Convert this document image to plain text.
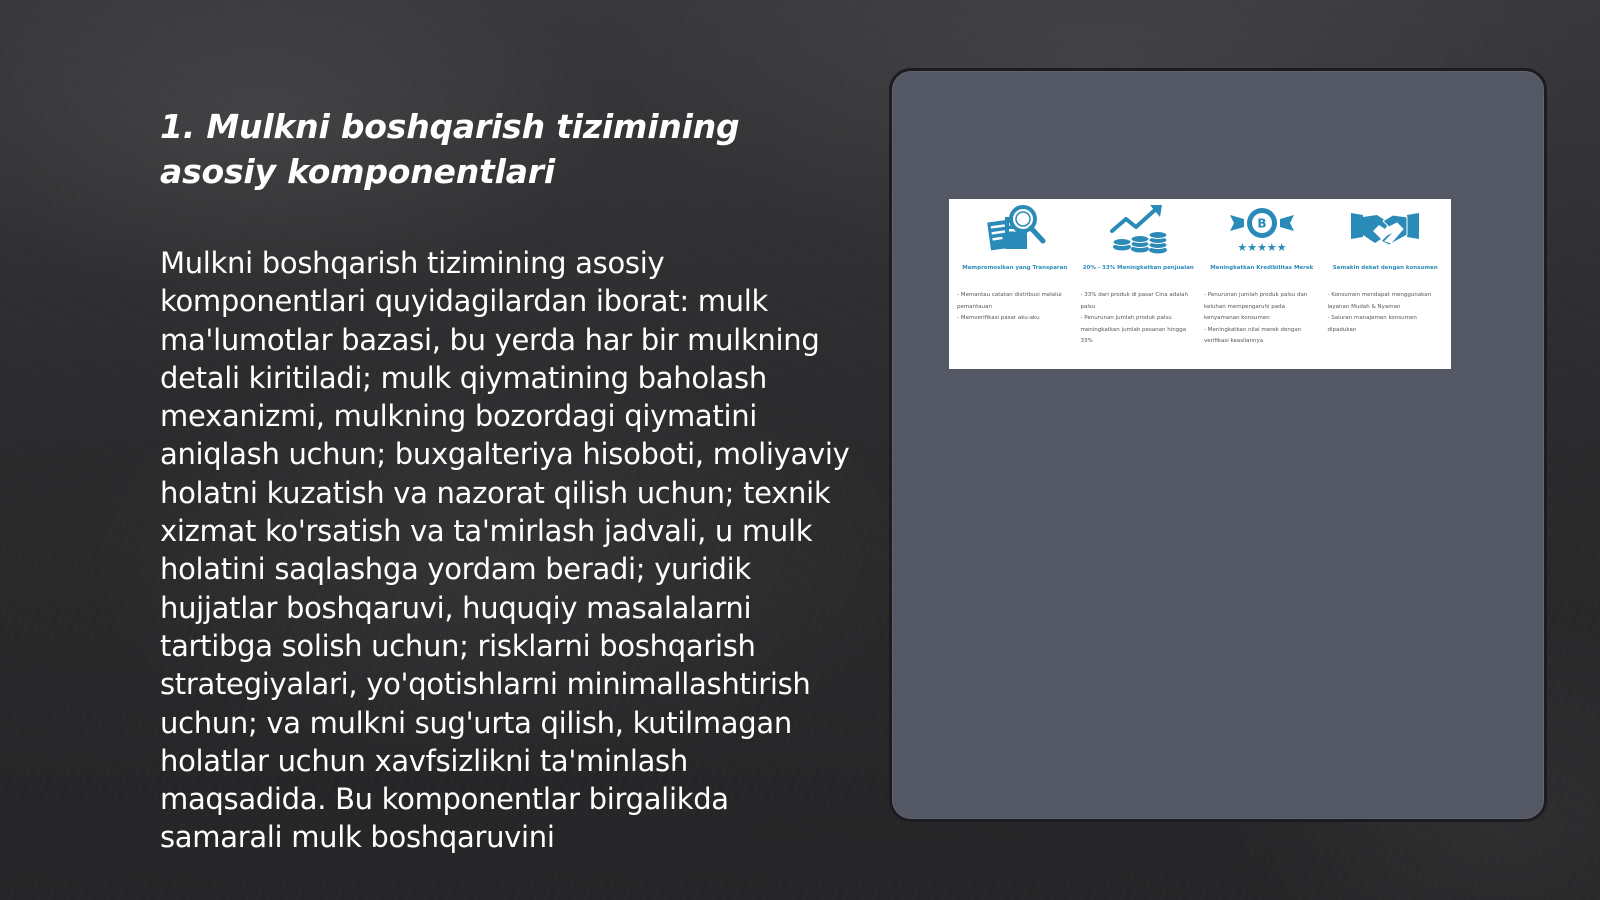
1. Mulkni boshqarish tizimining asosiy komponentlari

Mulkni boshqarish tizimining asosiy komponentlari quyidagilardan iborat: mulk ma'lumotlar bazasi, bu yerda har bir mulkning detali kiritiladi; mulk qiymatining baholash mexanizmi, mulkning bozordagi qiymatini aniqlash uchun; buxgalteriya hisoboti, moliyaviy holatni kuzatish va nazorat qilish uchun; texnik xizmat ko'rsatish va ta'mirlash jadvali, u mulk holatini saqlashga yordam beradi; yuridik hujjatlar boshqaruvi, huquqiy masalalarni tartibga solish uchun; risklarni boshqarish strategiyalari, yo'qotishlarni minimallashtirish uchun; va mulkni sug'urta qilish, kutilmagan holatlar uchun xavfsizlikni ta'minlash maqsadida. Bu komponentlar birgalikda samarali mulk boshqaruvini

Mempromosikan yang Transparan
- Memantau catatan distribusi melalui pemantauan
- Memverifikasi pasar aku-aku
20% - 33% Meningkatkan penjualan
- 33% dari produk di pasar Cina adalah palsu
- Penurunan jumlah produk palsu meningkatkan jumlah pesanan hingga 33%
B
★★★★★
Meningkatkan Kredibilitas Merek
- Penurunan jumlah produk palsu dan keluhan mempengaruhi pada kenyamanan konsumen
- Meningkatkan nilai merek dengan verifikasi keasliannya
Semakin dekat dengan konsumen
- Konsumen mendapat menggunakan layanan Mudah & Nyaman
- Saluran manajemen konsumen dipadukan
